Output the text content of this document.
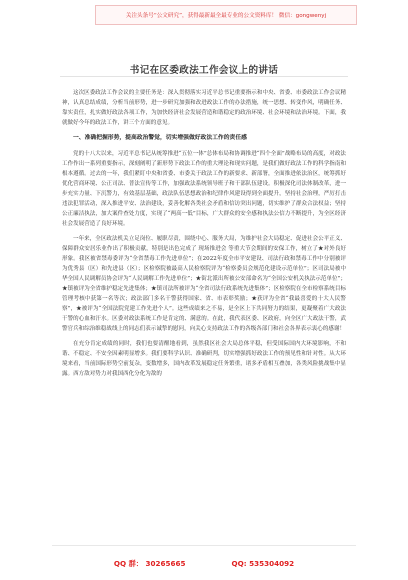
关注头条号“公文研究”，获得最新最全最专业的公文资料库！ 微信：gongwenyj
书记在区委政法工作会议上的讲话

这次区委政法工作会议的主要任务是：深入贯彻落实习近平总书记重要指示和中央、省委、市委政法工作会议精神，认真总结成绩，分析当前形势，进一步研究加强和改进政法工作的办法措施，统一思想、转变作风，明确任务、靠实责任，扎实做好政法各项工作，为加快经济社会发展营造和谐稳定的政治环境、社会环境和法治环境。下面，我就做好今年的政法工作，讲三个方面的意见。

一、准确把握形势，提高政治警觉，切实增强做好政法工作的责任感

党的十八大以来，习近平总书记从统筹推进“五位一体”总体布局和协调推进“四个全面”战略布局的高度，对政法工作作出一系列重要指示，深刻阐明了新形势下政法工作的重大理论和现实问题，是我们做好政法工作的科学指南和根本遵循。过去的一年，我们紧盯中央和省委、市委关于政法工作的新要求、新部署，全面推进依法治区，统筹抓好优化营商环境、公正司法、普法宣传等工作，加强政法系统领导班子和干部队伍建设。积极深化司法体制改革，进一步充实力量、下沉警力，有效基层基础，政法队伍思想政治和纪律作风建设得到全面提升，坚持社会治理，严厉打击违法犯罪活动，深入推进平安、法治建设，妥善化解各类社会矛盾和信访突出问题，切实维护了群众合法权益；坚持公正廉洁执法，加大案件查处力度，实现了“两高一低”目标，广大群众的安全感和执法公信力不断提升，为全区经济社会发展营造了良好环境。

一年来，全区政法机关立足岗位、履职尽责，围绕中心、服务大局，为维护社会大局稳定、促进社会公平正义、保障群众安居乐业作出了积极贡献，特别是出色完成了 现场推进会 等重大节会期间的安保工作，树立了★对外良好形象。我区被省禁毒委评为“全省禁毒工作先进单位”；在2022年度全市平安建设、司法行政和禁毒工作中分别被评为优秀县（区）和先进县（区）；区检察院被最高人民检察院评为“检察委员会规范化建设示范单位”；区司法局被中华全国人民调解员协会评为“人民调解工作先进单位”；★街北派出所被公安部命名为“全国公安机关执法示范单位”；★镇被评为全省维护稳定先进集体；★镇司法所被评为“全省司法行政系统先进集体”；区检察院在全市检察系统目标管理考核中获第一名等次；政法部门多名干警获得国家、省、市表彰奖励；★获评为全省“我最喜爱的十大人民警察”，★被评为“全国法院党建工作先进个人”。这些成绩来之不易，是全区上下共同努力的结果，更凝聚着广大政法干警的心血和汗水。区委对政法系统工作是肯定的、满意的。在此，我代表区委、区政府，向全区广大政法干警，武警官兵和综治维稳战线上的同志们表示诚挚的慰问，向关心支持政法工作的各级各部门和社会各界表示衷心的感谢！

在充分肯定成绩的同时，我们也要清醒地看到，虽然我区社会大局总体平稳，但受国际国内大环境影响，不和谐、不稳定、不安全因素明显增多。我们要科学认识、准确研判，切实增强抓好政法工作的预见性和针对性。从大环境来看，当前国际形势空前复杂，变数增多，国内改革发展稳定任务繁重，诸多矛盾相互叠加，各类风险挑战集中显露。西方敌对势力对我国西化分化为敌的

QQ 群： 30265665	QQ: 535304092
